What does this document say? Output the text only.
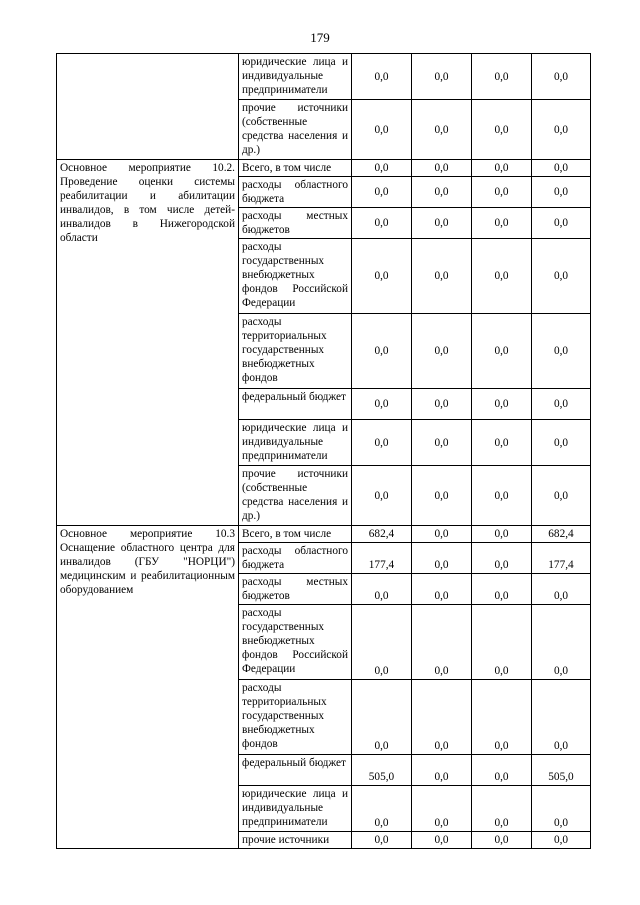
179
	юридические лица и индивидуальные предприниматели	0,0	0,0	0,0	0,0
	прочие источники (собственные средства населения и др.)	0,0	0,0	0,0	0,0
Основное мероприятие 10.2. Проведение оценки системы реабилитации и абилитации инвалидов, в том числе детей-инвалидов в Нижегородской области	Всего, в том числе	0,0	0,0	0,0	0,0
	расходы областного бюджета	0,0	0,0	0,0	0,0
	расходы местных бюджетов	0,0	0,0	0,0	0,0
	расходы государственных внебюджетных фондов Российской Федерации	0,0	0,0	0,0	0,0
	расходы территориальных государственных внебюджетных фондов	0,0	0,0	0,0	0,0
	федеральный бюджет	0,0	0,0	0,0	0,0
	юридические лица и индивидуальные предприниматели	0,0	0,0	0,0	0,0
	прочие источники (собственные средства населения и др.)	0,0	0,0	0,0	0,0
Основное мероприятие 10.3 Оснащение областного центра для инвалидов (ГБУ "НОРЦИ") медицинским и реабилитационным оборудованием	Всего, в том числе	682,4	0,0	0,0	682,4
	расходы областного бюджета	177,4	0,0	0,0	177,4
	расходы местных бюджетов	0,0	0,0	0,0	0,0
	расходы государственных внебюджетных фондов Российской Федерации	0,0	0,0	0,0	0,0
	расходы территориальных государственных внебюджетных фондов	0,0	0,0	0,0	0,0
	федеральный бюджет	505,0	0,0	0,0	505,0
	юридические лица и индивидуальные предприниматели	0,0	0,0	0,0	0,0
	прочие источники	0,0	0,0	0,0	0,0
